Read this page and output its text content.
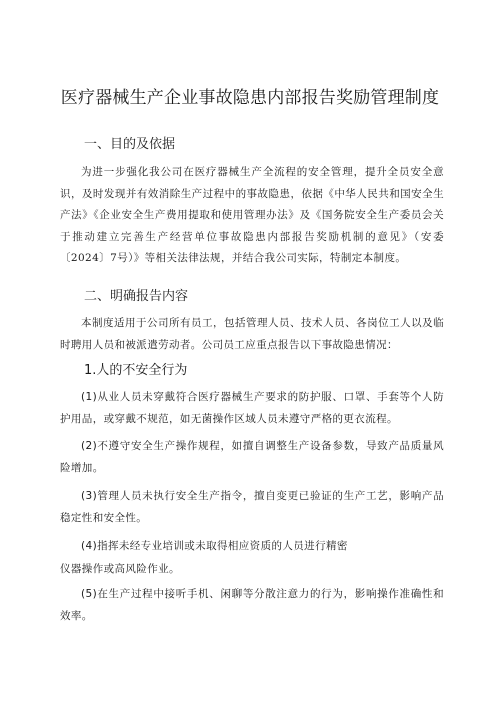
医疗器械生产企业事故隐患内部报告奖励管理制度
一、目的及依据

为进一步强化我公司在医疗器械生产全流程的安全管理，提升全员安全意识，及时发现并有效消除生产过程中的事故隐患，依据《中华人民共和国安全生产法》《企业安全生产费用提取和使用管理办法》及《国务院安全生产委员会关于推动建立完善生产经营单位事故隐患内部报告奖励机制的意见》（安委〔2024〕7号）》等相关法律法规，并结合我公司实际，特制定本制度。

二、明确报告内容

本制度适用于公司所有员工，包括管理人员、技术人员、各岗位工人以及临时聘用人员和被派遣劳动者。公司员工应重点报告以下事故隐患情况：

1.人的不安全行为

(1)从业人员未穿戴符合医疗器械生产要求的防护服、口罩、手套等个人防护用品，或穿戴不规范，如无菌操作区域人员未遵守严格的更衣流程。

(2)不遵守安全生产操作规程，如擅自调整生产设备参数，导致产品质量风险增加。

(3)管理人员未执行安全生产指令，擅自变更已验证的生产工艺，影响产品稳定性和安全性。

(4)指挥未经专业培训或未取得相应资质的人员进行精密

仪器操作或高风险作业。

(5)在生产过程中接听手机、闲聊等分散注意力的行为，影响操作准确性和效率。
